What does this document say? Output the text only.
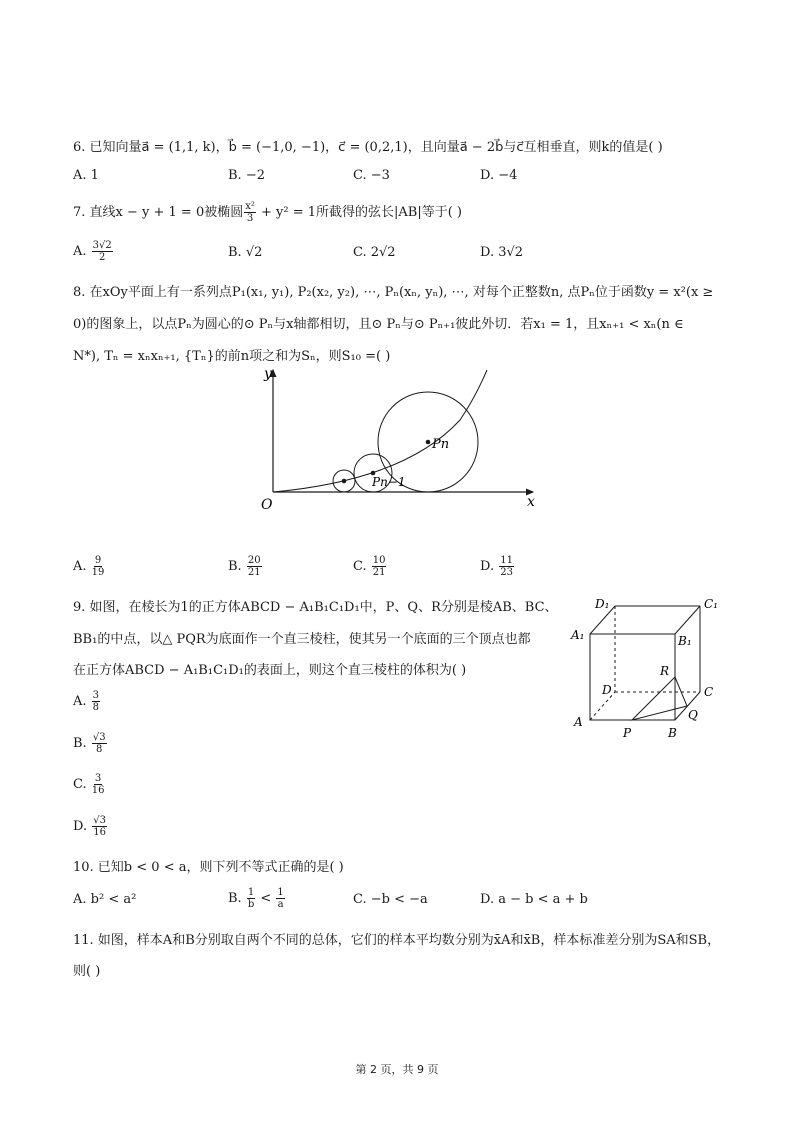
6. 已知向量a⃗ = (1,1, k)，b⃗ = (−1,0, −1)，c⃗ = (0,2,1)，且向量a⃗ − 2b⃗与c⃗互相垂直，则k的值是( )
A. 1	B. −2	C. −3	D. −4
7. 直线x − y + 1 = 0被椭圆 $\frac{\text{x²}}{3} + y^2 = 1$所截得的弦长|AB|等于( )
A. $\frac{3√2}{2}$	B. √2	C. 2√2	D. 3√2
8. 在xOy平面上有一系列点P₁(x₁, y₁), P₂(x₂, y₂), ⋯, Pₙ(xₙ, yₙ), ⋯, 对每个正整数n, 点Pₙ位于函数y = x²(x ≥
0)的图象上，以点Pₙ为圆心的⊙ Pₙ与x轴都相切，且⊙ Pₙ与⊙ Pₙ₊₁彼此外切．若x₁ = 1，且xₙ₊₁ < xₙ(n ∈
N*), Tₙ = xₙxₙ₊₁, {Tₙ}的前n项之和为Sₙ，则S₁₀ =( )
y
x
O
Pn
Pn−1
A. $\frac{9}{19}$	B. $\frac{20}{21}$	C. $\frac{10}{21}$	D. $\frac{11}{23}$
9. 如图，在棱长为1的正方体ABCD − A₁B₁C₁D₁中，P、Q、R分别是棱AB、BC、
BB₁的中点，以△ PQR为底面作一个直三棱柱，使其另一个底面的三个顶点也都
在正方体ABCD − A₁B₁C₁D₁的表面上，则这个直三棱柱的体积为( )
D₁	C₁
A₁	B₁
R
D	C
A	Q
P	B
A. $\frac{3}{8}$
B. $\frac{√3}{8}$
C. $\frac{3}{16}$
D. $\frac{√3}{16}$
10. 已知b < 0 < a，则下列不等式正确的是( )
A. b² < a²	B. $\frac{1}{b} < \frac{1}{a}$	C. −b < −a	D. a − b < a + b
11. 如图，样本A和B分别取自两个不同的总体，它们的样本平均数分别为x̄A和x̄B，样本标准差分别为SA和SB，
则( )
第 2 页，共 9 页
